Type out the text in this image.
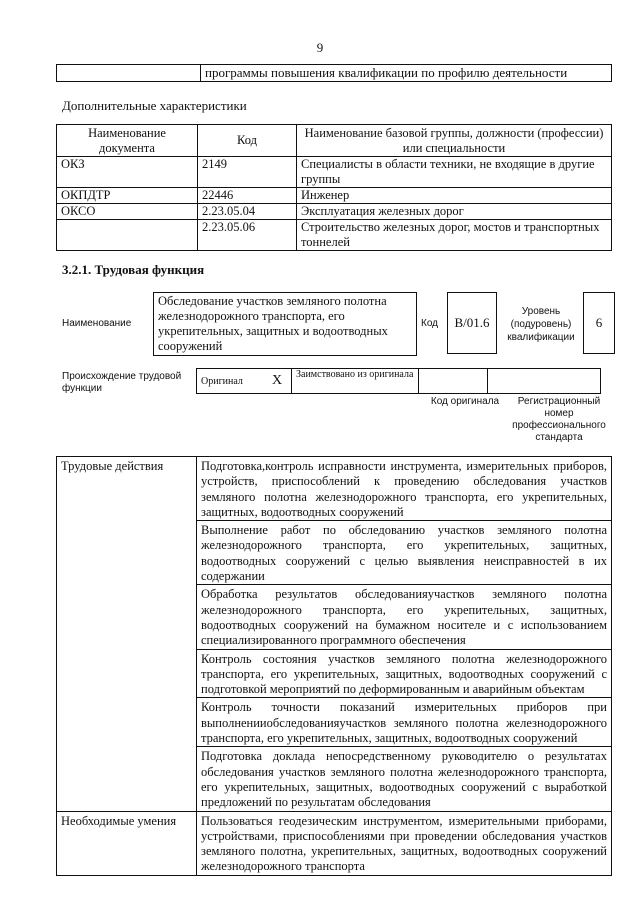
9
	программы повышения квалификации по профилю деятельности
Дополнительные характеристики
Наименование документа	Код	Наименование базовой группы, должности (профессии) или специальности
ОКЗ	2149	Специалисты в области техники, не входящие в другие группы
ОКПДТР	22446	Инженер
ОКСО	2.23.05.04	Эксплуатация железных дорог
	2.23.05.06	Строительство железных дорог, мостов и транспортных тоннелей
3.2.1. Трудовая функция
Наименование
Обследование участков земляного полотна железнодорожного транспорта, его укрепительных, защитных и водоотводных сооружений
Код	В/01.6
Уровень (подуровень) квалификации
6
Происхождение трудовой функции
Оригинал	X	Заимствовано из оригинала		
Код оригинала	Регистрационный номер профессионального стандарта
Трудовые действия	Подготовка,контроль исправности инструмента, измерительных приборов, устройств, приспособлений к проведению обследования участков земляного полотна железнодорожного транспорта, его укрепительных, защитных, водоотводных сооружений
	Выполнение работ по обследованию участков земляного полотна железнодорожного транспорта, его укрепительных, защитных, водоотводных сооружений с целью выявления неисправностей в их содержании
	Обработка результатов обследованияучастков земляного полотна железнодорожного транспорта, его укрепительных, защитных, водоотводных сооружений на бумажном носителе и с использованием специализированного программного обеспечения
	Контроль состояния участков земляного полотна железнодорожного транспорта, его укрепительных, защитных, водоотводных сооружений с подготовкой мероприятий по деформированным и аварийным объектам
	Контроль точности показаний измерительных приборов при выполненииобследованияучастков земляного полотна железнодорожного транспорта, его укрепительных, защитных, водоотводных сооружений
	Подготовка доклада непосредственному руководителю о результатах обследования участков земляного полотна железнодорожного транспорта, его укрепительных, защитных, водоотводных сооружений с выработкой предложений по результатам обследования
Необходимые умения	Пользоваться геодезическим инструментом, измерительными приборами, устройствами, приспособлениями при проведении обследования участков земляного полотна, укрепительных, защитных, водоотводных сооружений железнодорожного транспорта
